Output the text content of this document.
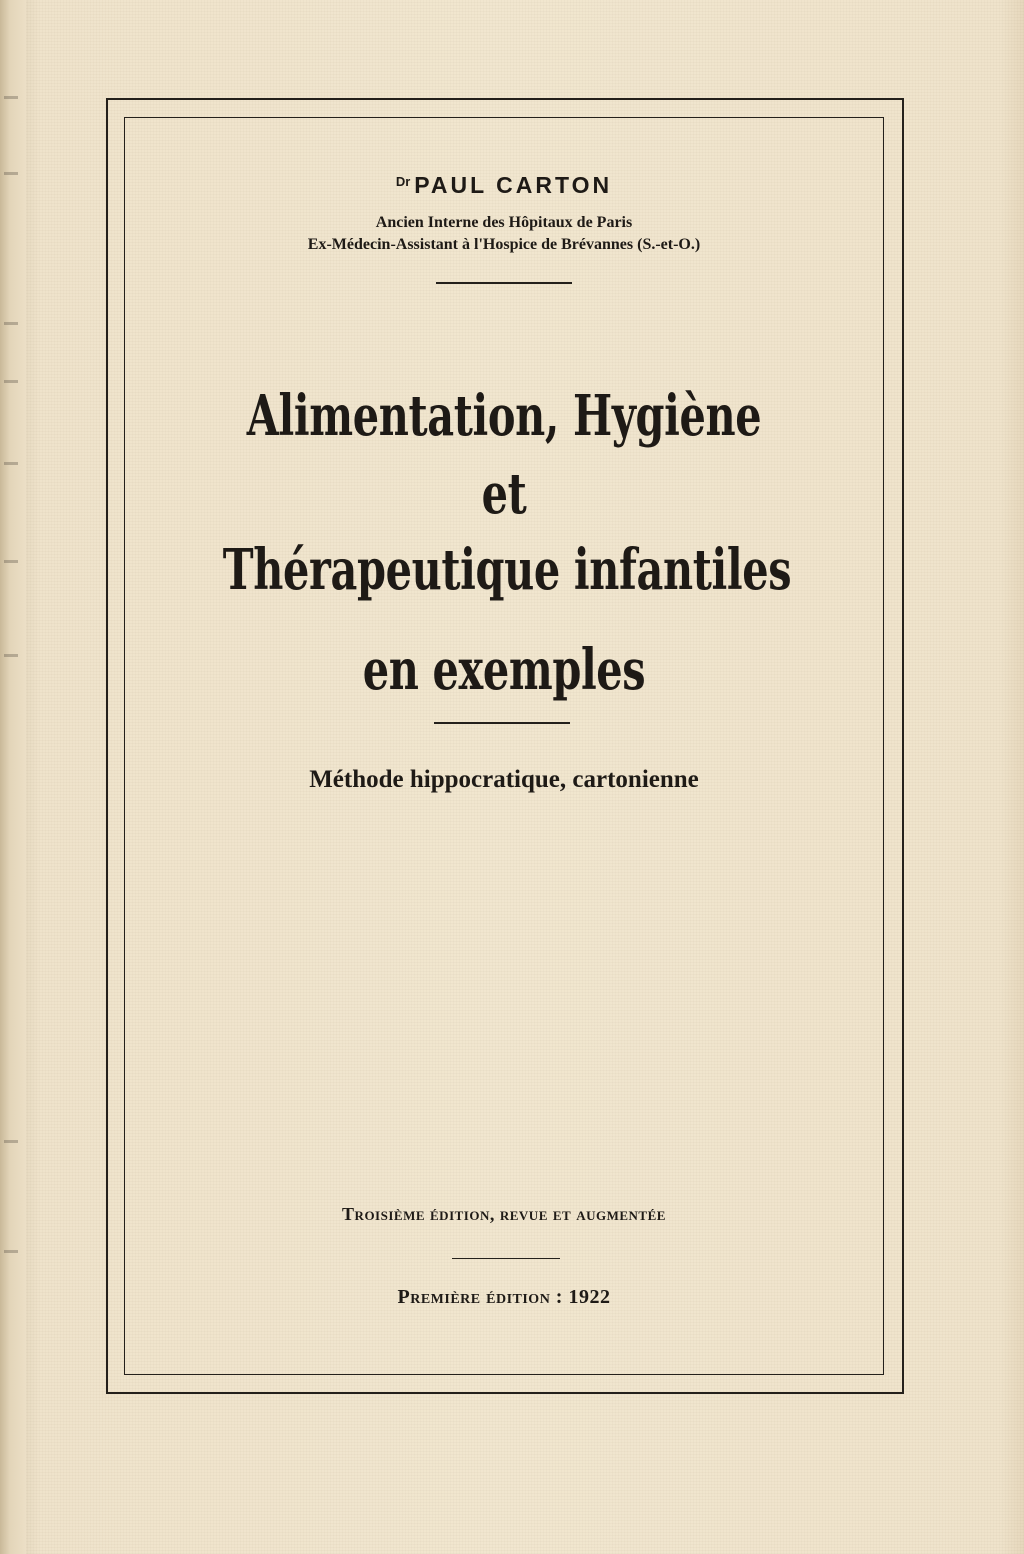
$^{Dr}$ PAUL CARTON
Ancien Interne des Hôpitaux de Paris
Ex-Médecin-Assistant à l'Hospice de Brévannes (S.-et-O.)
Alimentation, Hygiène
et
Thérapeutique infantiles
en exemples
Méthode hippocratique, cartonienne
Troisième édition, revue et augmentée
Première édition : 1922
